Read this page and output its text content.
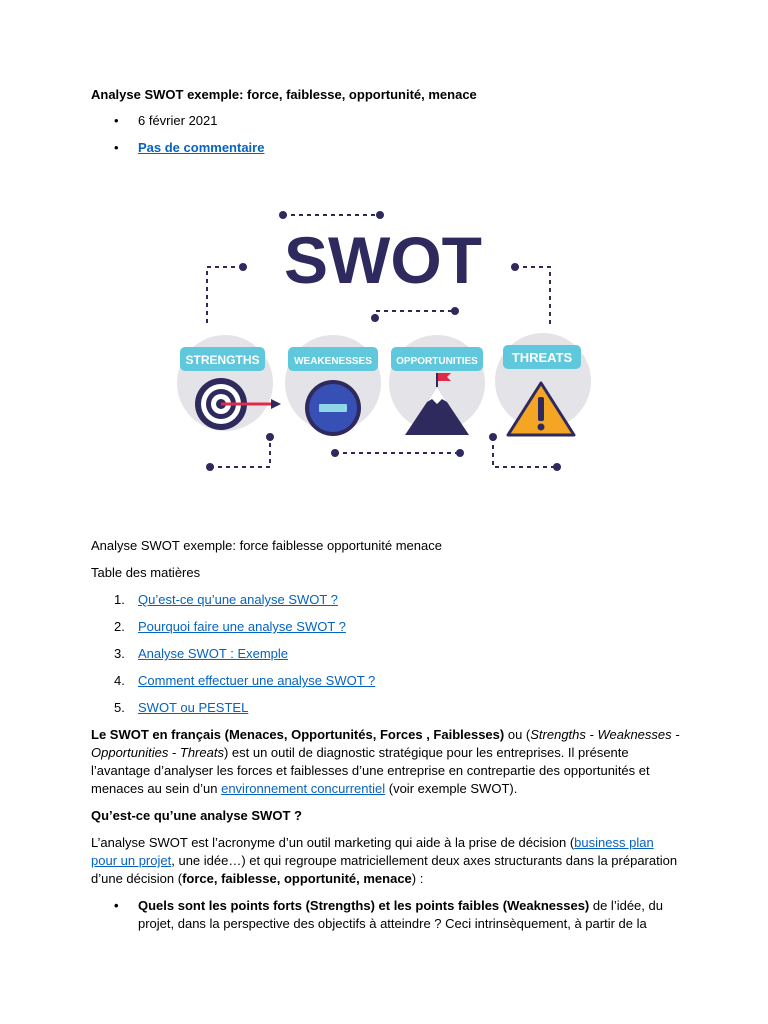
Analyse SWOT exemple: force, faiblesse, opportunité, menace

• 6 février 2021
• Pas de commentaire
SWOT
STRENGTHS	WEAKENESSES OPPORTUNITIES	THREATS

Analyse SWOT exemple: force faiblesse opportunité menace

Table des matières

1. Qu’est-ce qu’une analyse SWOT ?
2. Pourquoi faire une analyse SWOT ?
3. Analyse SWOT : Exemple
4. Comment effectuer une analyse SWOT ?
5. SWOT ou PESTEL

Le SWOT en français (Menaces, Opportunités, Forces , Faiblesses) ou (Strengths - Weaknesses - Opportunities - Threats) est un outil de diagnostic stratégique pour les entreprises. Il présente l’avantage d’analyser les forces et faiblesses d’une entreprise en contrepartie des opportunités et menaces au sein d’un environnement concurrentiel (voir exemple SWOT).

Qu’est-ce qu’une analyse SWOT ?

L’analyse SWOT est l’acronyme d’un outil marketing qui aide à la prise de décision (business plan pour un projet, une idée…) et qui regroupe matriciellement deux axes structurants dans la préparation d’une décision (force, faiblesse, opportunité, menace) :

• Quels sont les points forts (Strengths) et les points faibles (Weaknesses) de l’idée, du projet, dans la perspective des objectifs à atteindre ? Ceci intrinsèquement, à partir de la
